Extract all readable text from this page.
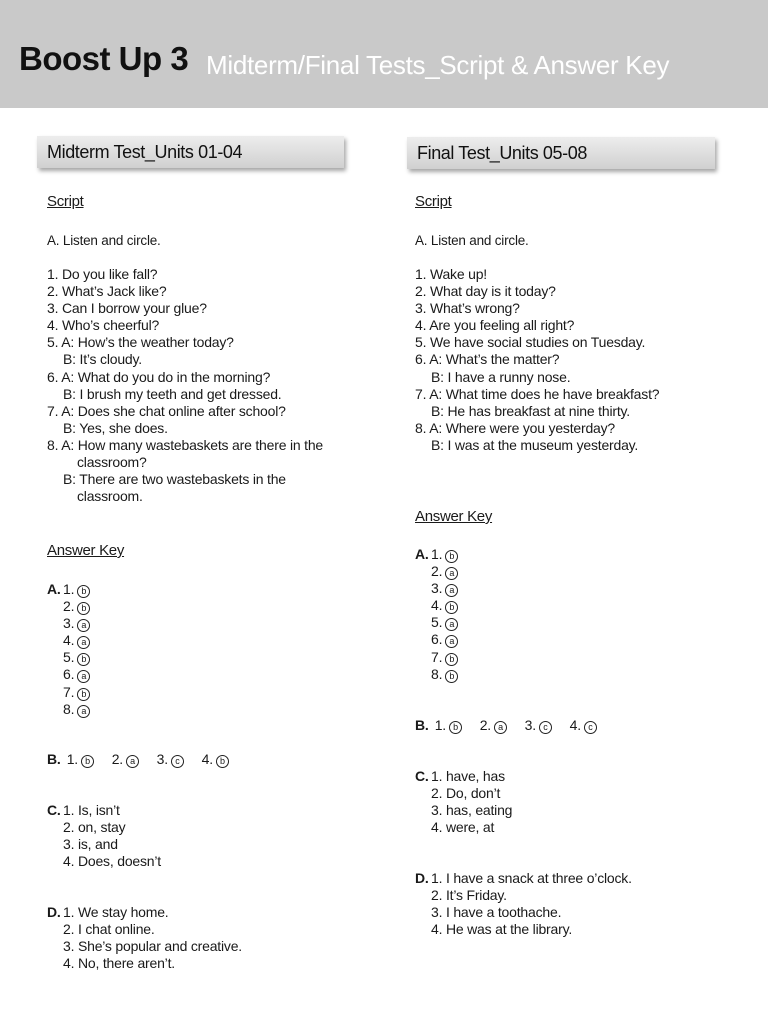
Boost Up 3 Midterm/Final Tests_Script & Answer Key
Midterm Test_Units 01-04
Script
A. Listen and circle.
1. Do you like fall?
2. What’s Jack like?
3. Can I borrow your glue?
4. Who’s cheerful?
5. A: How’s the weather today?
B: It’s cloudy.
6. A: What do you do in the morning?
B: I brush my teeth and get dressed.
7. A: Does she chat online after school?
B: Yes, she does.
8. A: How many wastebaskets are there in the
classroom?
B: There are two wastebaskets in the
classroom.
Answer Key
A. 1. b
2. b
3. a
4. a
5. b
6. a
7. b
8. a
B. 1. b 2. a 3. c 4. b
C. 1. Is, isn’t
2. on, stay
3. is, and
4. Does, doesn’t
D. 1. We stay home.
2. I chat online.
3. She’s popular and creative.
4. No, there aren’t.
Final Test_Units 05-08
Script
A. Listen and circle.
1. Wake up!
2. What day is it today?
3. What’s wrong?
4. Are you feeling all right?
5. We have social studies on Tuesday.
6. A: What’s the matter?
B: I have a runny nose.
7. A: What time does he have breakfast?
B: He has breakfast at nine thirty.
8. A: Where were you yesterday?
B: I was at the museum yesterday.
Answer Key
A. 1. b
2. a
3. a
4. b
5. a
6. a
7. b
8. b
B. 1. b 2. a 3. c 4. c
C. 1. have, has
2. Do, don’t
3. has, eating
4. were, at
D. 1. I have a snack at three o’clock.
2. It’s Friday.
3. I have a toothache.
4. He was at the library.
